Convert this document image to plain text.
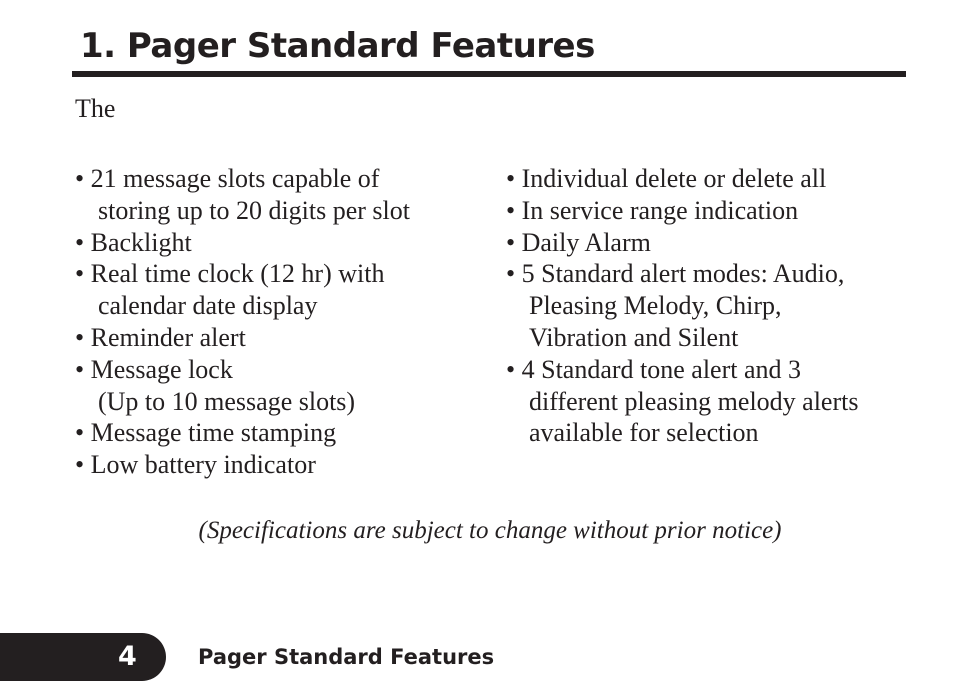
1. Pager Standard Features
The
• 21 message slots capable of
storing up to 20 digits per slot
• Backlight
• Real time clock (12 hr) with
calendar date display
• Reminder alert
• Message lock
(Up to 10 message slots)
• Message time stamping
• Low battery indicator
• Individual delete or delete all
• In service range indication
• Daily Alarm
• 5 Standard alert modes: Audio,
Pleasing Melody, Chirp,
Vibration and Silent
• 4 Standard tone alert and 3
different pleasing melody alerts
available for selection
(Specifications are subject to change without prior notice)
4	Pager Standard Features
